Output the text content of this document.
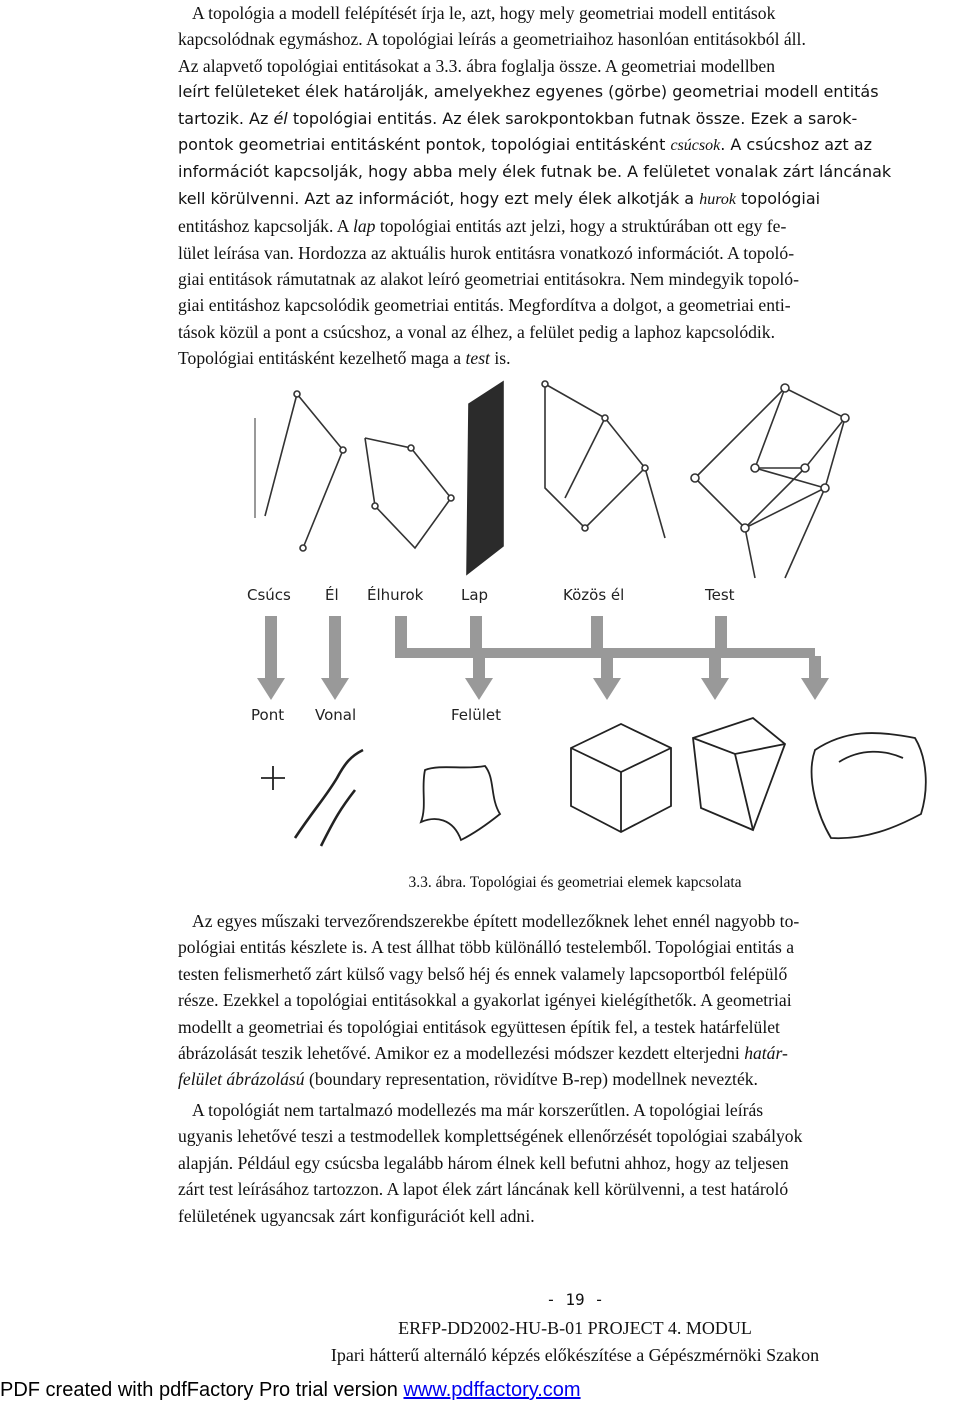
A topológia a modell felépítését írja le, azt, hogy mely geometriai modell entitások
kapcsolódnak egymáshoz. A topológiai leírás a geometriaihoz hasonlóan entitásokból áll.
Az alapvető topológiai entitásokat a 3.3. ábra foglalja össze. A geometriai modellben
leírt felületeket élek határolják, amelyekhez egyenes (görbe) geometriai modell entitás
tartozik. Az él topológiai entitás. Az élek sarokpontokban futnak össze. Ezek a sarok-
pontok geometriai entitásként pontok, topológiai entitásként csúcsok. A csúcshoz azt az
információt kapcsolják, hogy abba mely élek futnak be. A felületet vonalak zárt láncának
kell körülvenni. Azt az információt, hogy ezt mely élek alkotják a hurok topológiai
entitáshoz kapcsolják. A lap topológiai entitás azt jelzi, hogy a struktúrában ott egy fe-
lület leírása van. Hordozza az aktuális hurok entitásra vonatkozó információt. A topoló-
giai entitások rámutatnak az alakot leíró geometriai entitásokra. Nem mindegyik topoló-
giai entitáshoz kapcsolódik geometriai entitás. Megfordítva a dolgot, a geometriai enti-
tások közül a pont a csúcshoz, a vonal az élhez, a felület pedig a laphoz kapcsolódik.
Topológiai entitásként kezelhető maga a test is.
Csúcs Él Élhurok	Lap	Közös él	Test
Pont Vonal	Felület
3.3. ábra. Topológiai és geometriai elemek kapcsolata
Az egyes műszaki tervezőrendszerekbe épített modellezőknek lehet ennél nagyobb to-
pológiai entitás készlete is. A test állhat több különálló testelemből. Topológiai entitás a
testen felismerhető zárt külső vagy belső héj és ennek valamely lapcsoportból felépülő
része. Ezekkel a topológiai entitásokkal a gyakorlat igényei kielégíthetők. A geometriai
modellt a geometriai és topológiai entitások együttesen építik fel, a testek határfelület
ábrázolását teszik lehetővé. Amikor ez a modellezési módszer kezdett elterjedni határ-
felület ábrázolású (boundary representation, rövidítve B-rep) modellnek nevezték.
A topológiát nem tartalmazó modellezés ma már korszerűtlen. A topológiai leírás
ugyanis lehetővé teszi a testmodellek komplettségének ellenőrzését topológiai szabályok
alapján. Például egy csúcsba legalább három élnek kell befutni ahhoz, hogy az teljesen
zárt test leírásához tartozzon. A lapot élek zárt láncának kell körülvenni, a test határoló
felületének ugyancsak zárt konfigurációt kell adni.
- 19 -
ERFP-DD2002-HU-B-01 PROJECT 4. MODUL
Ipari hátterű alternáló képzés előkészítése a Gépészmérnöki Szakon
PDF created with pdfFactory Pro trial version www.pdffactory.com
